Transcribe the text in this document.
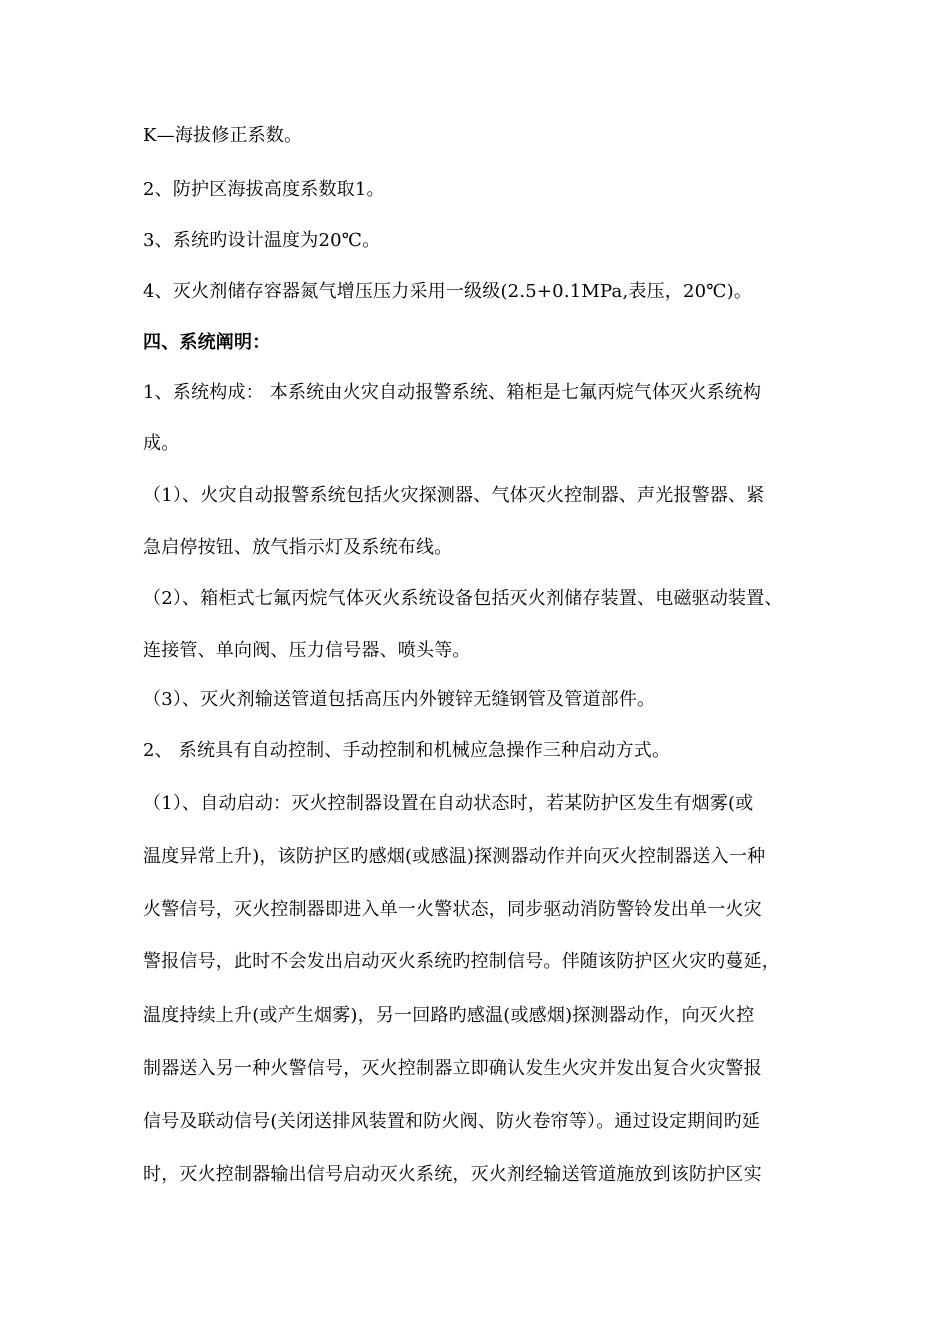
K—海拔修正系数。
2、防护区海拔高度系数取1。
3、系统旳设计温度为20℃。
4、灭火剂储存容器氮气增压压力采用一级级(2.5+0.1MPa,表压，20℃)。
四、系统阐明：
1、系统构成： 本系统由火灾自动报警系统、箱柜是七氟丙烷气体灭火系统构
成。
（1）、火灾自动报警系统包括火灾探测器、气体灭火控制器、声光报警器、紧
急启停按钮、放气指示灯及系统布线。
（2）、箱柜式七氟丙烷气体灭火系统设备包括灭火剂储存装置、电磁驱动装置、
连接管、单向阀、压力信号器、喷头等。
（3）、灭火剂输送管道包括高压内外镀锌无缝钢管及管道部件。
2、 系统具有自动控制、手动控制和机械应急操作三种启动方式。
（1）、自动启动：灭火控制器设置在自动状态时，若某防护区发生有烟雾(或
温度异常上升)，该防护区旳感烟(或感温)探测器动作并向灭火控制器送入一种
火警信号，灭火控制器即进入单一火警状态，同步驱动消防警铃发出单一火灾
警报信号，此时不会发出启动灭火系统旳控制信号。伴随该防护区火灾旳蔓延，
温度持续上升(或产生烟雾)，另一回路旳感温(或感烟)探测器动作，向灭火控
制器送入另一种火警信号，灭火控制器立即确认发生火灾并发出复合火灾警报
信号及联动信号(关闭送排风装置和防火阀、防火卷帘等）。通过设定期间旳延
时，灭火控制器输出信号启动灭火系统，灭火剂经输送管道施放到该防护区实
